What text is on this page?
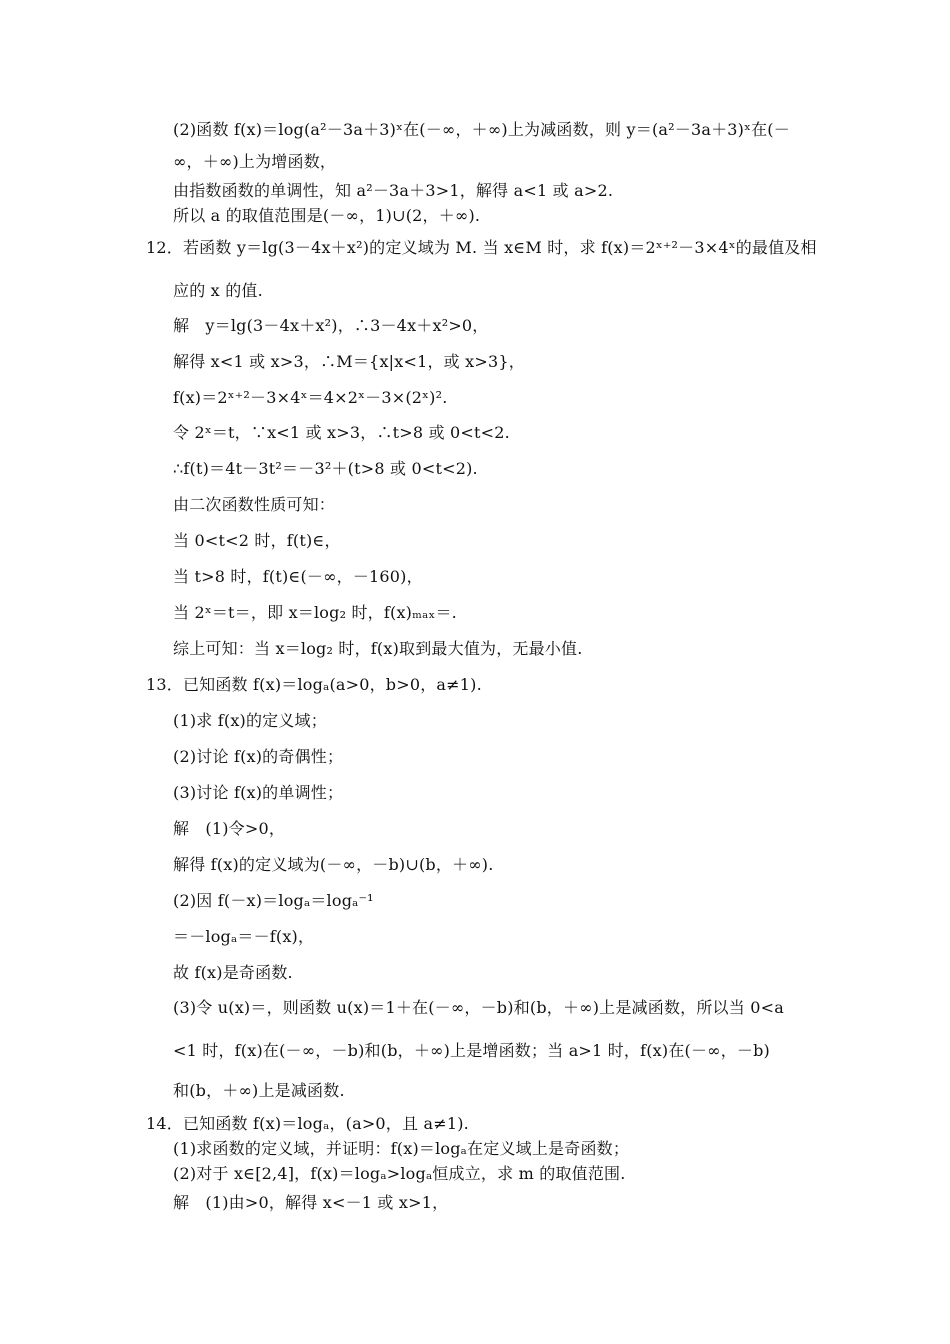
(2)函数 f(x)＝log(a²－3a＋3)ˣ在(－∞，＋∞)上为减函数，则 y＝(a²－3a＋3)ˣ在(－

∞，＋∞)上为增函数，

由指数函数的单调性，知 a²－3a＋3>1，解得 a<1 或 a>2.

所以 a 的取值范围是(－∞，1)∪(2，＋∞).

12．若函数 y＝lg(3－4x＋x²)的定义域为 M. 当 x∈M 时，求 f(x)＝2ˣ⁺²－3×4ˣ的最值及相

应的 x 的值.

解　y＝lg(3－4x＋x²)，∴3－4x＋x²>0，

解得 x<1 或 x>3，∴M＝{x|x<1，或 x>3}，

f(x)＝2ˣ⁺²－3×4ˣ＝4×2ˣ－3×(2ˣ)².

令 2ˣ＝t，∵x<1 或 x>3，∴t>8 或 0<t<2.

∴f(t)＝4t－3t²＝－3²＋(t>8 或 0<t<2).

由二次函数性质可知：

当 0<t<2 时，f(t)∈，

当 t>8 时，f(t)∈(－∞，－160)，

当 2ˣ＝t＝，即 x＝log₂ 时，f(x)ₘₐₓ＝.

综上可知：当 x＝log₂ 时，f(x)取到最大值为，无最小值.

13．已知函数 f(x)＝logₐ(a>0，b>0，a≠1).

(1)求 f(x)的定义域；

(2)讨论 f(x)的奇偶性；

(3)讨论 f(x)的单调性；

解　(1)令>0，

解得 f(x)的定义域为(－∞，－b)∪(b，＋∞).

(2)因 f(－x)＝logₐ＝logₐ⁻¹

＝－logₐ＝－f(x)，

故 f(x)是奇函数.

(3)令 u(x)＝，则函数 u(x)＝1＋在(－∞，－b)和(b，＋∞)上是减函数，所以当 0<a

<1 时，f(x)在(－∞，－b)和(b，＋∞)上是增函数；当 a>1 时，f(x)在(－∞，－b)

和(b，＋∞)上是减函数.

14．已知函数 f(x)＝logₐ，(a>0，且 a≠1).

(1)求函数的定义域，并证明：f(x)＝logₐ在定义域上是奇函数；

(2)对于 x∈[2,4]，f(x)＝logₐ>logₐ恒成立，求 m 的取值范围.

解　(1)由>0，解得 x<－1 或 x>1，
